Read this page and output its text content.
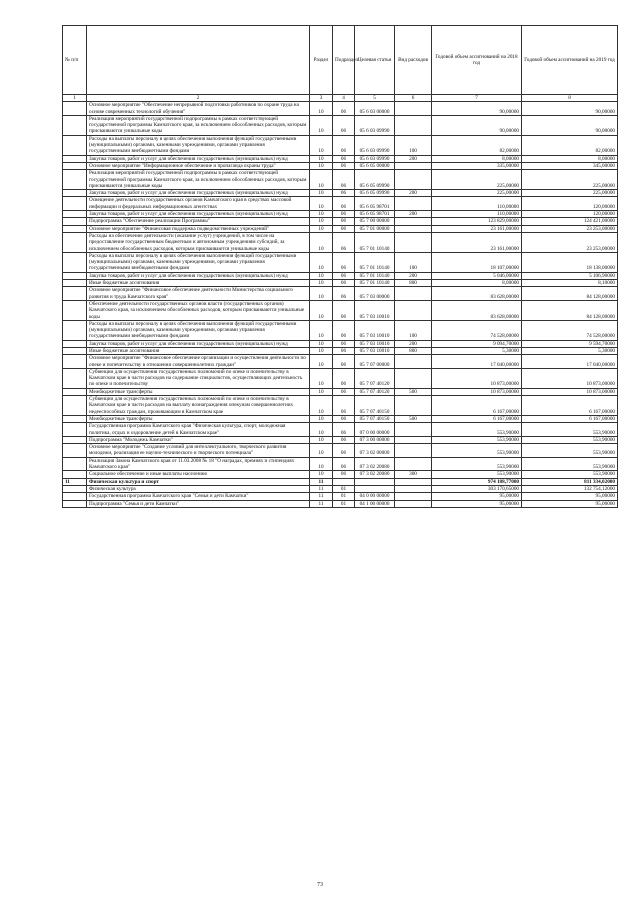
№ п/п		Раздел	Подраздел	Целевая статья	Вид расходов	Годовой объем ассигнований на 2018 год	Годовой объем ассигнований на 2019 год
1	2	3	4	5	6	7	8
	Основное мероприятие "Обеспечение непрерывной подготовки работников по охране труда на основе современных технологий обучения"	10	06	05 6 03 00000		90,00000	90,00000
	Реализация мероприятий государственной подпрограммы в рамках соответствующей государственной программы Камчатского края, за исключением обособленных расходов, которым присваиваются уникальные коды	10	06	05 6 03 09990		90,00000	90,00000
	Расходы на выплаты персоналу в целях обеспечения выполнения функций государственными (муниципальными) органами, казенными учреждениями, органами управления государственными внебюджетными фондами	10	06	05 6 03 09990	100	82,00000	82,00000
	Закупка товаров, работ и услуг для обеспечения государственных (муниципальных) нужд	10	06	05 6 03 09990	200	8,00000	8,00000
	Основное мероприятие "Информационное обеспечение и пропаганда охраны труда"	10	06	05 6 05 00000		335,00000	345,00000
	Реализация мероприятий государственной подпрограммы в рамках соответствующей государственной программы Камчатского края, за исключением обособленных расходов, которым присваиваются уникальные коды	10	06	05 6 05 09990		225,00000	225,00000
	Закупка товаров, работ и услуг для обеспечения государственных (муниципальных) нужд	10	06	05 6 05 09990	200	225,00000	225,00000
	Освещение деятельности государственных органов Камчатского края в средствах массовой информации и федеральных информационных агентствах	10	06	05 6 05 98701		110,00000	120,00000
	Закупка товаров, работ и услуг для обеспечения государственных (муниципальных) нужд	10	06	05 6 05 98701	200	110,00000	120,00000
	Подпрограмма "Обеспечение реализации Программы"	10	06	05 7 00 00000		123 829,00000	124 421,00000
	Основное мероприятие "Финансовая поддержка подведомственных учреждений"	10	06	05 7 01 00000		23 161,00000	23 253,00000
	Расходы на обеспечение деятельности (оказание услуг) учреждений, в том числе на предоставление государственным бюджетным и автономным учреждениям субсидий, за исключением обособленных расходов, которым присваиваются уникальные коды	10	06	05 7 01 10140		23 161,00000	23 253,00000
	Расходы на выплаты персоналу в целях обеспечения выполнения функций государственными (муниципальными) органами, казенными учреждениями, органами управления государственными внебюджетными фондами	10	06	05 7 01 10140	100	18 107,00000	18 138,00000
	Закупка товаров, работ и услуг для обеспечения государственных (муниципальных) нужд	10	06	05 7 01 10140	200	5 046,00000	5 106,90000
	Иные бюджетные ассигнования	10	06	05 7 01 10140	800	8,00000	8,10000
	Основное мероприятие "Финансовое обеспечение деятельности Министерства социального развития и труда Камчатского края"	10	06	05 7 03 00000		83 628,00000	84 128,00000
	Обеспечение деятельности государственных органов власти (государственных органов) Камчатского края, за исключением обособленных расходов, которым присваиваются уникальные коды	10	06	05 7 03 10010		83 628,00000	84 128,00000
	Расходы на выплаты персоналу в целях обеспечения выполнения функций государственными (муниципальными) органами, казенными учреждениями, органами управления государственными внебюджетными фондами	10	06	05 7 03 10010	100	74 528,00000	74 528,00000
	Закупка товаров, работ и услуг для обеспечения государственных (муниципальных) нужд	10	06	05 7 03 10010	200	9 094,70000	9 594,70000
	Иные бюджетные ассигнования	10	06	05 7 03 10010	800	5,30000	5,30000
	Основное мероприятие "Финансовое обеспечение организации и осуществления деятельности по опеке и попечительству в отношении совершеннолетних граждан"	10	06	05 7 07 00000		17 040,00000	17 040,00000
	Субвенции для осуществления государственных полномочий по опеке и попечительству в Камчатском крае в части расходов на содержание специалистов, осуществляющих деятельность по опеке и попечительству	10	06	05 7 07 40120		10 873,00000	10 873,00000
	Межбюджетные трансферты	10	06	05 7 07 40120	500	10 873,00000	10 873,00000
	Субвенции для осуществления государственных полномочий по опеке и попечительству в Камчатском крае в части расходов на выплату вознаграждения опекунам совершеннолетних недееспособных граждан, проживающим в Камчатском крае	10	06	05 7 07 40150		6 167,00000	6 167,00000
	Межбюджетные трансферты	10	06	05 7 07 40150	500	6 167,00000	6 167,00000
	Государственная программа Камчатского края "Физическая культура, спорт, молодежная политика, отдых и оздоровление детей в Камчатском крае"	10	06	07 0 00 00000		553,90000	553,90000
	Подпрограмма "Молодежь Камчатки"	10	06	07 3 00 00000		553,90000	553,90000
	Основное мероприятие "Создание условий для интеллектуального, творческого развития молодежи, реализация ее научно-технического и творческого потенциала"	10	06	07 3 02 00000		553,90000	553,90000
	Реализация Закона Камчатского края от 11.03.2008 № 18 "О наградах, премиях и стипендиях Камчатского края"	10	06	07 3 02 20080		553,90000	553,90000
	Социальное обеспечение и иные выплаты населению	10	06	07 3 02 20080	300	553,90000	553,90000
11	Физическая культура и спорт	11				974 188,77000	811 334,02000
	Физическая культура	11	01			303 170,65000	132 754,12000
	Государственная программа Камчатского края "Семья и дети Камчатки"	11	01	04 0 00 00000		95,00000	95,00000
	Подпрограмма "Семья и дети Камчатки"	11	01	04 1 00 00000		95,00000	95,00000
73
